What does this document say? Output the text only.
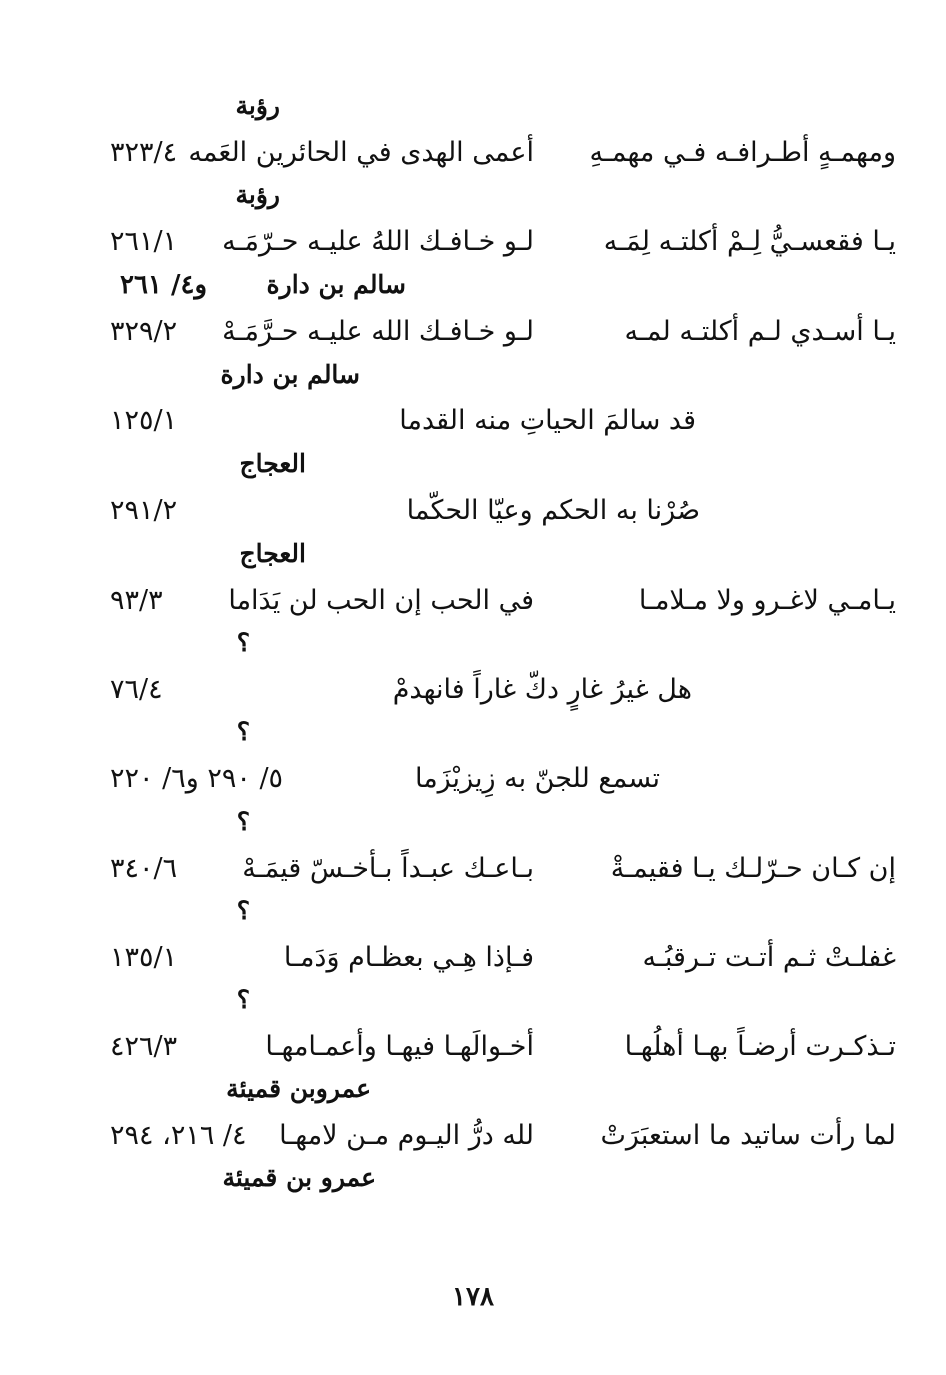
رؤبة
ومهمـهٍ أطـرافـه فـي مهمـهِ
أعمى الهدى في الحائرين العَمه
٣٢٣/٤
رؤبة
يـا فقعسـيُّ لِـمْ أكلتـه لِمَـه
لـو خـافـك اللهُ عليـه حـرّمَـه
٢٦١/١
سالم بن دارة
و٤/ ٢٦١
يـا أسـدي لـم أكلتـه لمـه
لـو خـافـك الله عليـه حـرَّمَـهْ
٣٢٩/٢
سالم بن دارة
قد سالمَ الحياتِ منه القدما
١٢٥/١
العجاج
صُرْنا به الحكم وعيّا الحكّما
٢٩١/٢
العجاج
يـامـي لاغـرو ولا مـلامـا
في الحب إن الحب لن يَدَاما
٩٣/٣
؟
هل غيرُ غارٍ دكّ غاراً فانهدمْ
٧٦/٤
؟
تسمع للجنّ به زِيزيْزَما
٥/ ٢٩٠ و٦/ ٢٢٠
؟
إن كـان حـرّلـك يـا فقيمـةْ
بـاعـك عبـداً بـأخـسّ قيمَـهْ
٣٤٠/٦
؟
غفلـتْ ثـم أتـت تـرقبُـه
فـإذا هِـي بعظـام وَدَمـا
١٣٥/١
؟
تـذكـرت أرضـاً بهـا أهلُهـا
أخـوالَهـا فيهـا وأعمـامهـا
٤٢٦/٣
عمروبن قميئة
لما رأت ساتيد ما استعبَرَتْ
لله درُّ اليـوم مـن لامهـا
٤/ ٢١٦، ٢٩٤
عمرو بن قميئة
١٧٨
